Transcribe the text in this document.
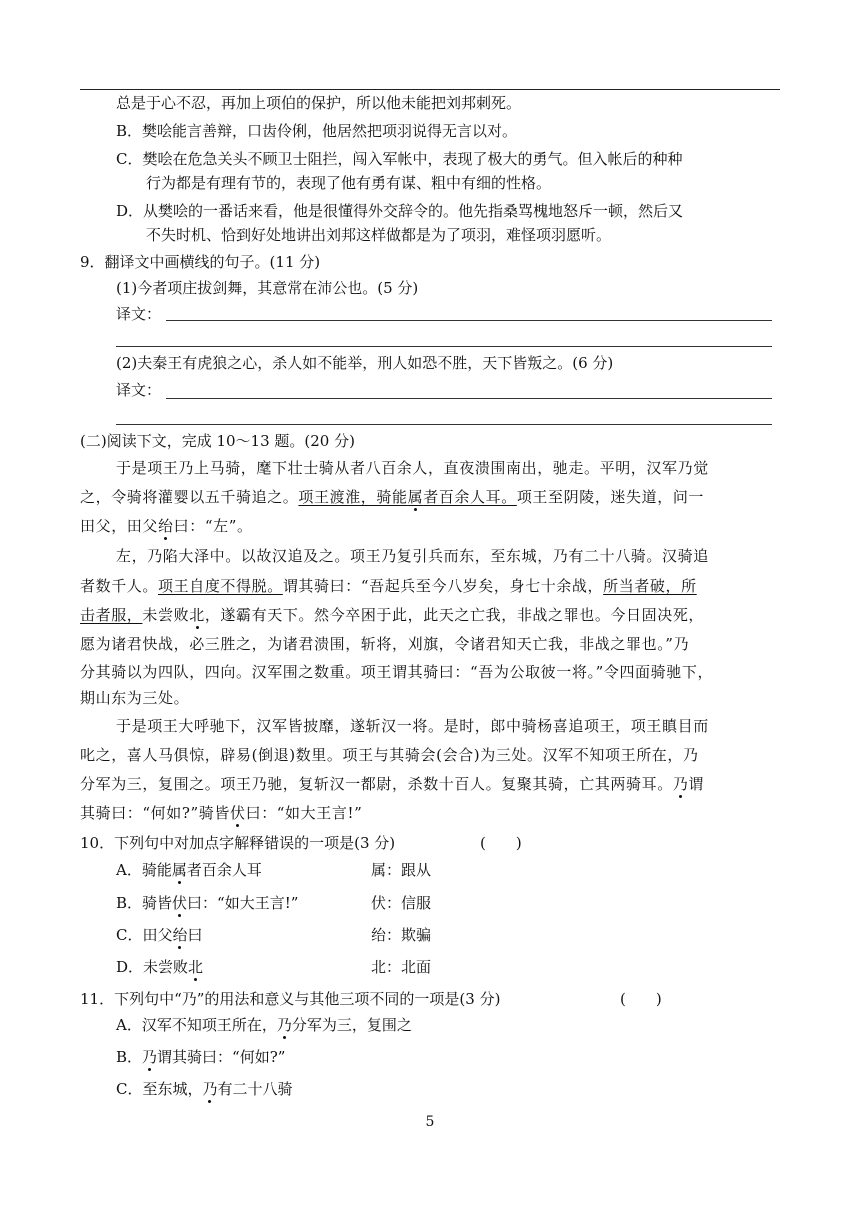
总是于心不忍，再加上项伯的保护，所以他未能把刘邦刺死。
B．樊哙能言善辩，口齿伶俐，他居然把项羽说得无言以对。
C．樊哙在危急关头不顾卫士阻拦，闯入军帐中，表现了极大的勇气。但入帐后的种种
行为都是有理有节的，表现了他有勇有谋、粗中有细的性格。
D．从樊哙的一番话来看，他是很懂得外交辞令的。他先指桑骂槐地怒斥一顿，然后又
不失时机、恰到好处地讲出刘邦这样做都是为了项羽，难怪项羽愿听。
9．翻译文中画横线的句子。(11 分)
(1)今者项庄拔剑舞，其意常在沛公也。(5 分)
译文：
(2)夫秦王有虎狼之心，杀人如不能举，刑人如恐不胜，天下皆叛之。(6 分)
译文：
(二)阅读下文，完成 10～13 题。(20 分)
于是项王乃上马骑，麾下壮士骑从者八百余人，直夜溃围南出，驰走。平明，汉军乃觉
之，令骑将灌婴以五千骑追之。项王渡淮，骑能属者百余人耳。项王至阴陵，迷失道，问一
田父，田父绐曰：“左”。
左，乃陷大泽中。以故汉追及之。项王乃复引兵而东，至东城，乃有二十八骑。汉骑追
者数千人。项王自度不得脱。谓其骑曰：“吾起兵至今八岁矣，身七十余战，所当者破，所
击者服，未尝败北，遂霸有天下。然今卒困于此，此天之亡我，非战之罪也。今日固决死，
愿为诸君快战，必三胜之，为诸君溃围，斩将，刈旗，令诸君知天亡我，非战之罪也。”乃
分其骑以为四队，四向。汉军围之数重。项王谓其骑曰：“吾为公取彼一将。”令四面骑驰下，
期山东为三处。
于是项王大呼驰下，汉军皆披靡，遂斩汉一将。是时，郎中骑杨喜追项王，项王瞋目而
叱之，喜人马俱惊，辟易(倒退)数里。项王与其骑会(会合)为三处。汉军不知项王所在，乃
分军为三，复围之。项王乃驰，复斩汉一都尉，杀数十百人。复聚其骑，亡其两骑耳。乃谓
其骑曰：“何如?”骑皆伏曰：“如大王言!”
10．下列句中对加点字解释错误的一项是(3 分)	(　　)
A．骑能属者百余人耳	属：跟从
B．骑皆伏曰：“如大王言!”	伏：信服
C．田父绐曰	绐：欺骗
D．未尝败北	北：北面
11．下列句中“乃”的用法和意义与其他三项不同的一项是(3 分)	(　　)
A．汉军不知项王所在，乃分军为三，复围之
B．乃谓其骑曰：“何如?”
C．至东城，乃有二十八骑
5
